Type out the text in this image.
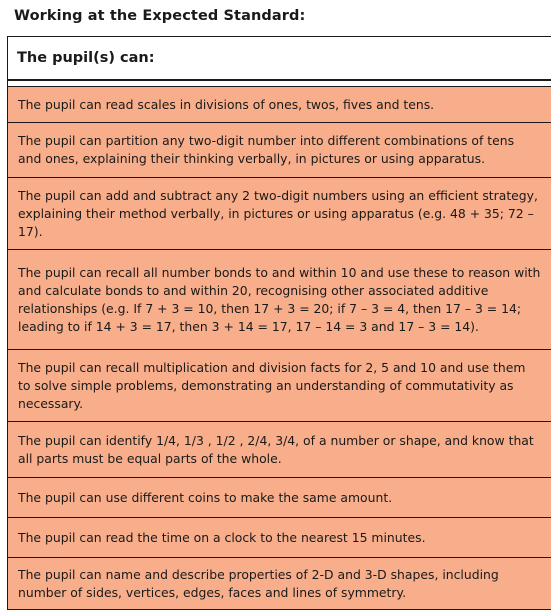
Working at the Expected Standard:
The pupil(s) can:
The pupil can read scales in divisions of ones, twos, fives and tens.
The pupil can partition any two-digit number into different combinations of tens and ones, explaining their thinking verbally, in pictures or using apparatus.
The pupil can add and subtract any 2 two-digit numbers using an efficient strategy, explaining their method verbally, in pictures or using apparatus (e.g. 48 + 35; 72 – 17).
The pupil can recall all number bonds to and within 10 and use these to reason with and calculate bonds to and within 20, recognising other associated additive relationships (e.g. If 7 + 3 = 10, then 17 + 3 = 20; if 7 – 3 = 4, then 17 – 3 = 14; leading to if 14 + 3 = 17, then 3 + 14 = 17, 17 – 14 = 3 and 17 – 3 = 14).
The pupil can recall multiplication and division facts for 2, 5 and 10 and use them to solve simple problems, demonstrating an understanding of commutativity as necessary.
The pupil can identify 1/4, 1/3 , 1/2 , 2/4, 3/4, of a number or shape, and know that all parts must be equal parts of the whole.
The pupil can use different coins to make the same amount.
The pupil can read the time on a clock to the nearest 15 minutes.
The pupil can name and describe properties of 2-D and 3-D shapes, including number of sides, vertices, edges, faces and lines of symmetry.
